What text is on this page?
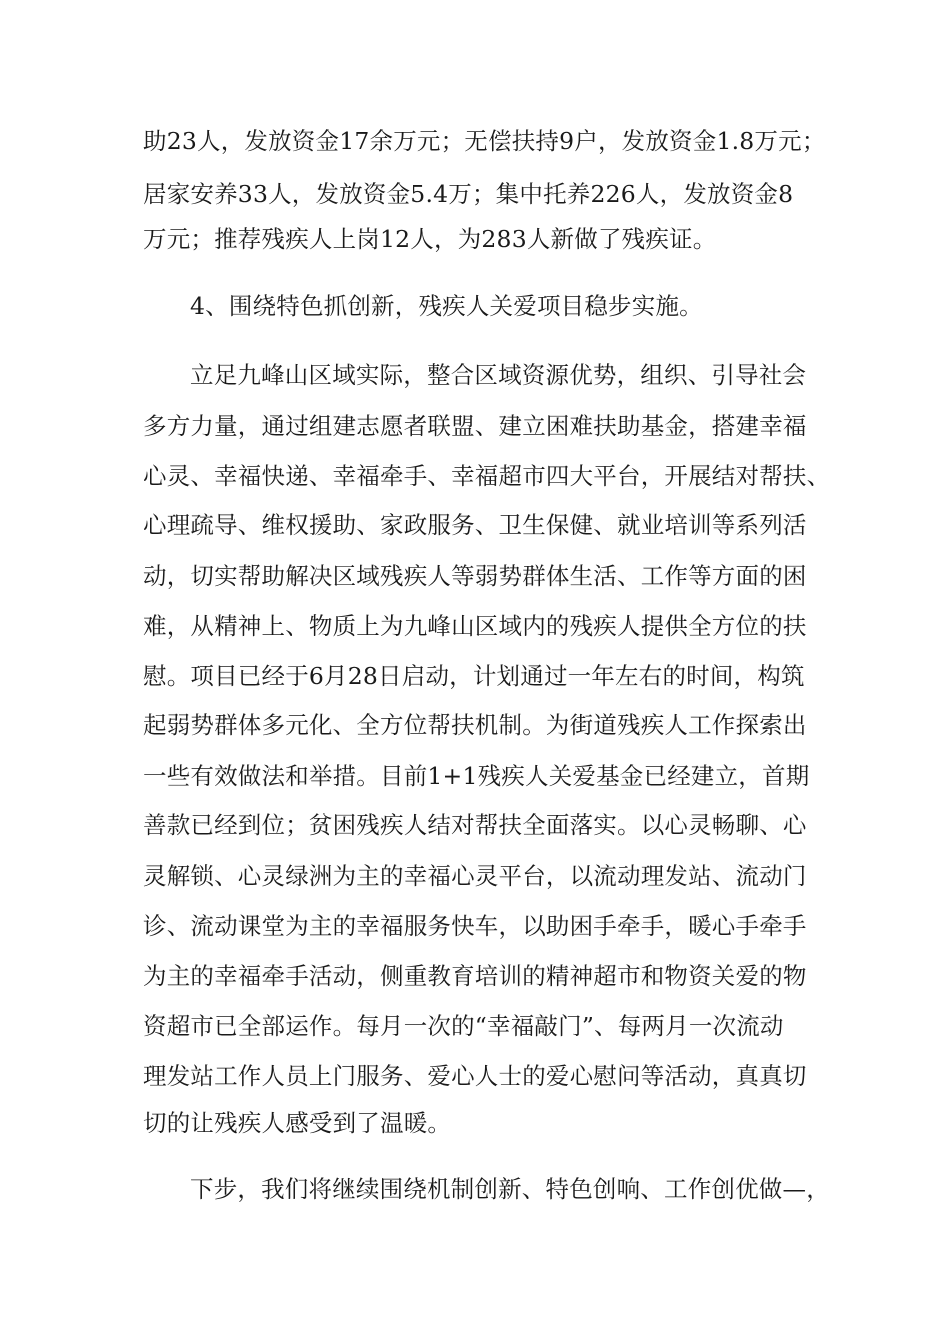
助23人，发放资金17余万元；无偿扶持9户，发放资金1.8万元；

居家安养33人，发放资金5.4万；集中托养226人，发放资金8

万元；推荐残疾人上岗12人，为283人新做了残疾证。

4、围绕特色抓创新，残疾人关爱项目稳步实施。

立足九峰山区域实际，整合区域资源优势，组织、引导社会

多方力量，通过组建志愿者联盟、建立困难扶助基金，搭建幸福

心灵、幸福快递、幸福牵手、幸福超市四大平台，开展结对帮扶、

心理疏导、维权援助、家政服务、卫生保健、就业培训等系列活

动，切实帮助解决区域残疾人等弱势群体生活、工作等方面的困

难，从精神上、物质上为九峰山区域内的残疾人提供全方位的扶

慰。项目已经于6月28日启动，计划通过一年左右的时间，构筑

起弱势群体多元化、全方位帮扶机制。为街道残疾人工作探索出

一些有效做法和举措。目前1+1残疾人关爱基金已经建立，首期

善款已经到位；贫困残疾人结对帮扶全面落实。以心灵畅聊、心

灵解锁、心灵绿洲为主的幸福心灵平台，以流动理发站、流动门

诊、流动课堂为主的幸福服务快车，以助困手牵手，暖心手牵手

为主的幸福牵手活动，侧重教育培训的精神超市和物资关爱的物

资超市已全部运作。每月一次的“幸福敲门”、每两月一次流动

理发站工作人员上门服务、爱心人士的爱心慰问等活动，真真切

切的让残疾人感受到了温暖。

下步，我们将继续围绕机制创新、特色创响、工作创优做—，
